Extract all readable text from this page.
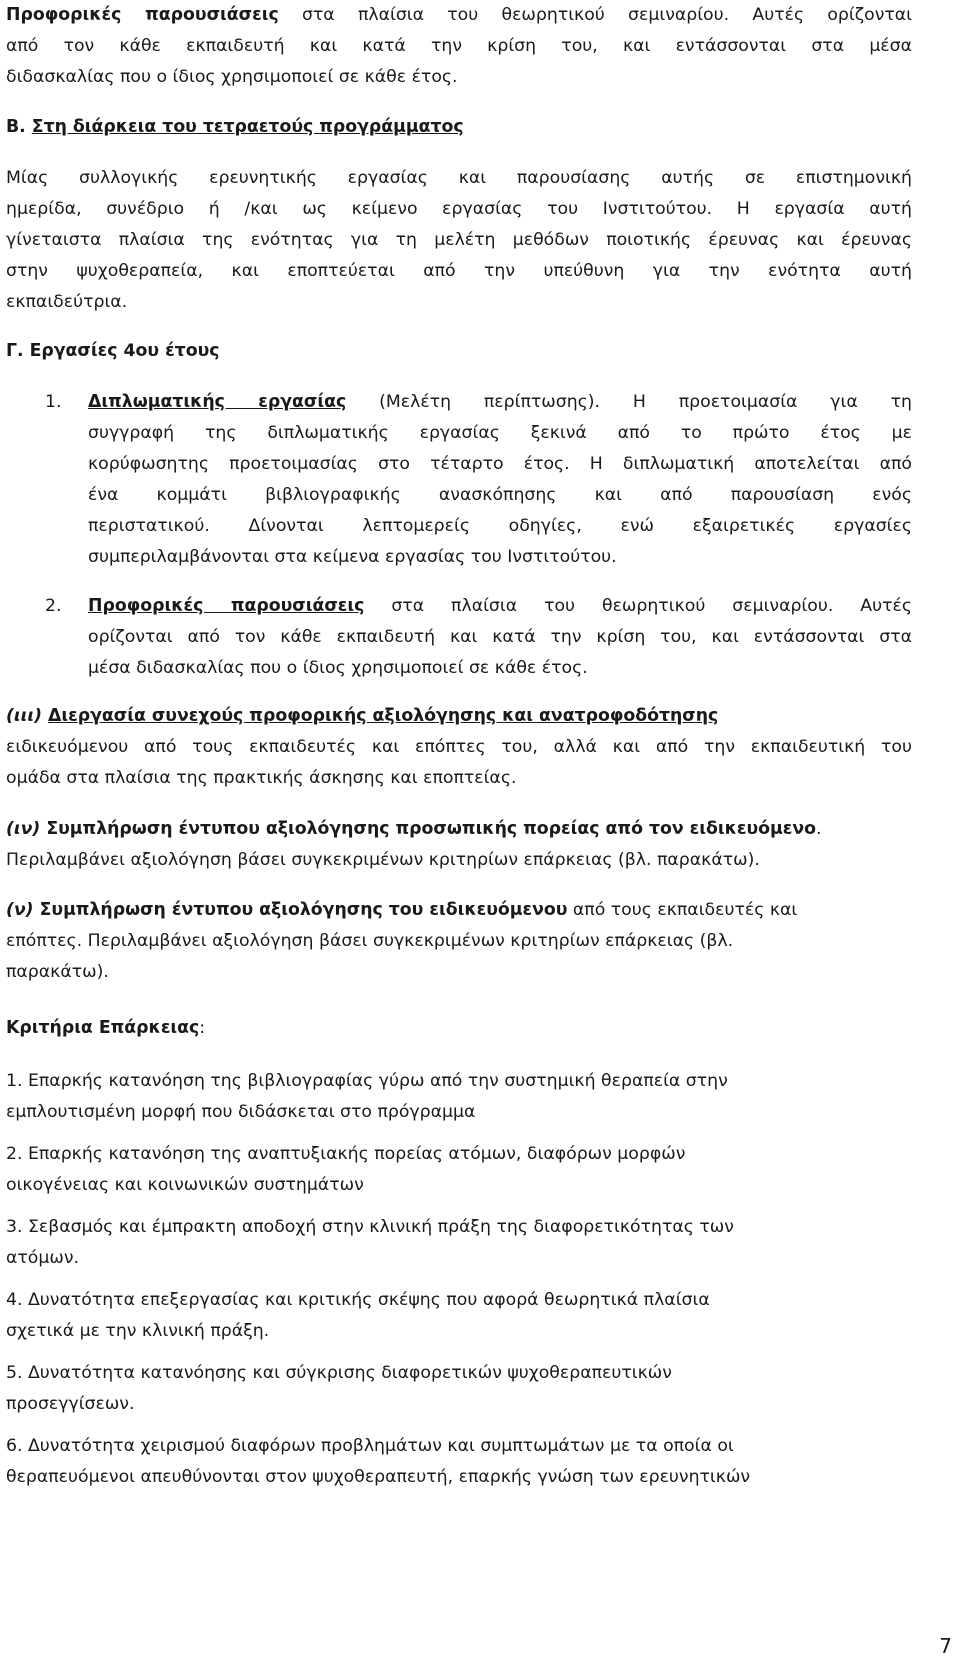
Προφορικές παρουσιάσεις στα πλαίσια του θεωρητικού σεμιναρίου. Αυτές ορίζονται
από τον κάθε εκπαιδευτή και κατά την κρίση του, και εντάσσονται στα μέσα
διδασκαλίας που ο ίδιος χρησιμοποιεί σε κάθε έτος.
Β. Στη διάρκεια του τετραετούς προγράμματος
Μίας συλλογικής ερευνητικής εργασίας και παρουσίασης αυτής σε επιστημονική
ημερίδα, συνέδριο ή /και ως κείμενο εργασίας του Ινστιτούτου. Η εργασία αυτή
γίνεταιστα πλαίσια της ενότητας για τη μελέτη μεθόδων ποιοτικής έρευνας και έρευνας
στην ψυχοθεραπεία, και εποπτεύεται από την υπεύθυνη για την ενότητα αυτή
εκπαιδεύτρια.
Γ. Εργασίες 4ου έτους
1. Διπλωματικής εργασίας (Μελέτη περίπτωσης). Η προετοιμασία για τη
συγγραφή της διπλωματικής εργασίας ξεκινά από το πρώτο έτος με
κορύφωσητης προετοιμασίας στο τέταρτο έτος. Η διπλωματική αποτελείται από
ένα κομμάτι βιβλιογραφικής ανασκόπησης και από παρουσίαση ενός
περιστατικού. Δίνονται λεπτομερείς οδηγίες, ενώ εξαιρετικές εργασίες
συμπεριλαμβάνονται στα κείμενα εργασίας του Ινστιτούτου.
2. Προφορικές παρουσιάσεις στα πλαίσια του θεωρητικού σεμιναρίου. Αυτές
ορίζονται από τον κάθε εκπαιδευτή και κατά την κρίση του, και εντάσσονται στα
μέσα διδασκαλίας που ο ίδιος χρησιμοποιεί σε κάθε έτος.
(ιιι) Διεργασία συνεχούς προφορικής αξιολόγησης και ανατροφοδότησης
ειδικευόμενου από τους εκπαιδευτές και επόπτες του, αλλά και από την εκπαιδευτική του
ομάδα στα πλαίσια της πρακτικής άσκησης και εποπτείας.
(ιν) Συμπλήρωση έντυπου αξιολόγησης προσωπικής πορείας από τον ειδικευόμενο.
Περιλαμβάνει αξιολόγηση βάσει συγκεκριμένων κριτηρίων επάρκειας (βλ. παρακάτω).
(ν) Συμπλήρωση έντυπου αξιολόγησης του ειδικευόμενου από τους εκπαιδευτές και
επόπτες. Περιλαμβάνει αξιολόγηση βάσει συγκεκριμένων κριτηρίων επάρκειας (βλ.
παρακάτω).
Κριτήρια Επάρκειας:
1. Επαρκής κατανόηση της βιβλιογραφίας γύρω από την συστημική θεραπεία στην
εμπλουτισμένη μορφή που διδάσκεται στο πρόγραμμα
2. Επαρκής κατανόηση της αναπτυξιακής πορείας ατόμων, διαφόρων μορφών
οικογένειας και κοινωνικών συστημάτων
3. Σεβασμός και έμπρακτη αποδοχή στην κλινική πράξη της διαφορετικότητας των
ατόμων.
4. Δυνατότητα επεξεργασίας και κριτικής σκέψης που αφορά θεωρητικά πλαίσια
σχετικά με την κλινική πράξη.
5. Δυνατότητα κατανόησης και σύγκρισης διαφορετικών ψυχοθεραπευτικών
προσεγγίσεων.
6. Δυνατότητα χειρισμού διαφόρων προβλημάτων και συμπτωμάτων με τα οποία οι
θεραπευόμενοι απευθύνονται στον ψυχοθεραπευτή, επαρκής γνώση των ερευνητικών
7
